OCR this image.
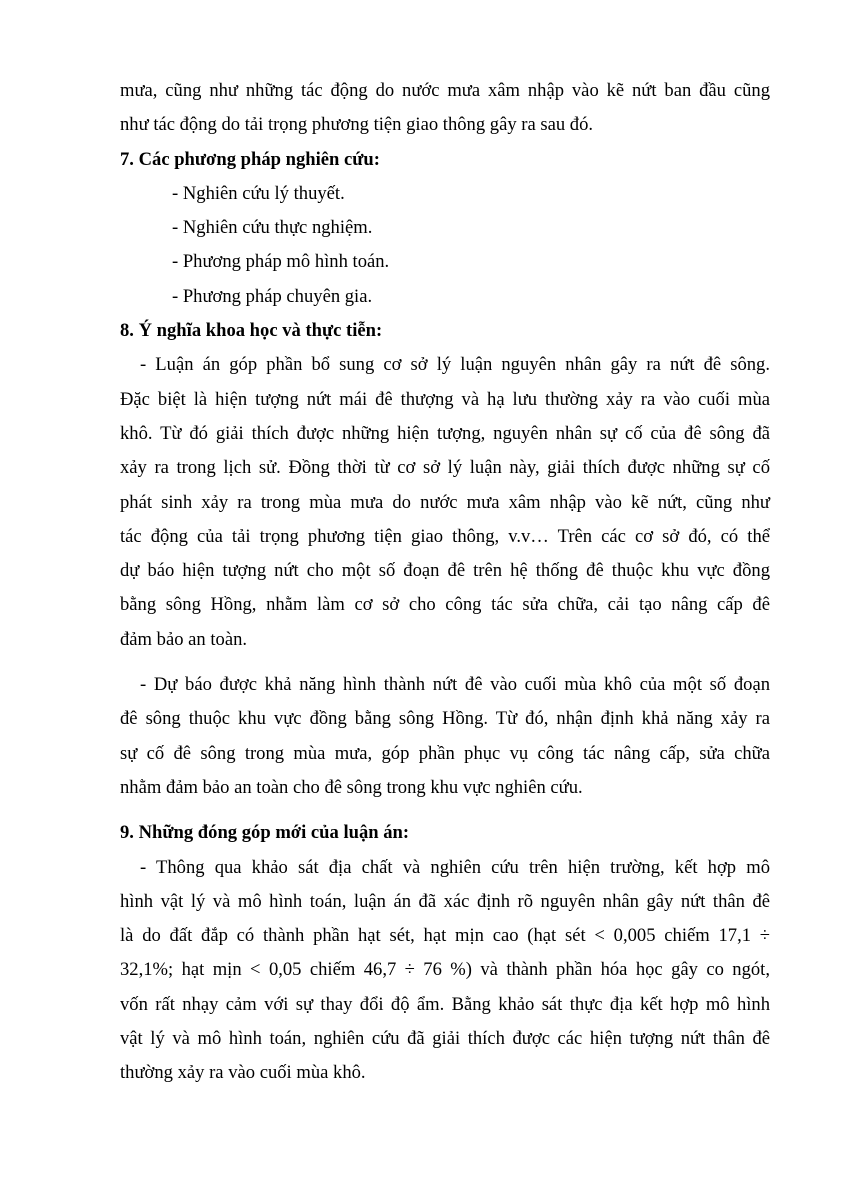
mưa, cũng như những tác động do nước mưa xâm nhập vào kẽ nứt ban đầu cũng

như tác động do tải trọng phương tiện giao thông gây ra sau đó.

7. Các phương pháp nghiên cứu:

- Nghiên cứu lý thuyết.

- Nghiên cứu thực nghiệm.

- Phương pháp mô hình toán.

- Phương pháp chuyên gia.

8. Ý nghĩa khoa học và thực tiễn:

- Luận án góp phần bổ sung cơ sở lý luận nguyên nhân gây ra nứt đê sông.

Đặc biệt là hiện tượng nứt mái đê thượng và hạ lưu thường xảy ra vào cuối mùa

khô. Từ đó giải thích được những hiện tượng, nguyên nhân sự cố của đê sông đã

xảy ra trong lịch sử. Đồng thời từ cơ sở lý luận này, giải thích được những sự cố

phát sinh xảy ra trong mùa mưa do nước mưa xâm nhập vào kẽ nứt, cũng như

tác động của tải trọng phương tiện giao thông, v.v… Trên các cơ sở đó, có thể

dự báo hiện tượng nứt cho một số đoạn đê trên hệ thống đê thuộc khu vực đồng

bằng sông Hồng, nhằm làm cơ sở cho công tác sửa chữa, cải tạo nâng cấp đê

đảm bảo an toàn.

- Dự báo được khả năng hình thành nứt đê vào cuối mùa khô của một số đoạn

đê sông thuộc khu vực đồng bằng sông Hồng. Từ đó, nhận định khả năng xảy ra

sự cố đê sông trong mùa mưa, góp phần phục vụ công tác nâng cấp, sửa chữa

nhằm đảm bảo an toàn cho đê sông trong khu vực nghiên cứu.

9. Những đóng góp mới của luận án:

- Thông qua khảo sát địa chất và nghiên cứu trên hiện trường, kết hợp mô

hình vật lý và mô hình toán, luận án đã xác định rõ nguyên nhân gây nứt thân đê

là do đất đắp có thành phần hạt sét, hạt mịn cao (hạt sét < 0,005 chiếm 17,1 ÷

32,1%; hạt mịn < 0,05 chiếm 46,7 ÷ 76 %) và thành phần hóa học gây co ngót,

vốn rất nhạy cảm với sự thay đổi độ ẩm. Bằng khảo sát thực địa kết hợp mô hình

vật lý và mô hình toán, nghiên cứu đã giải thích được các hiện tượng nứt thân đê

thường xảy ra vào cuối mùa khô.
